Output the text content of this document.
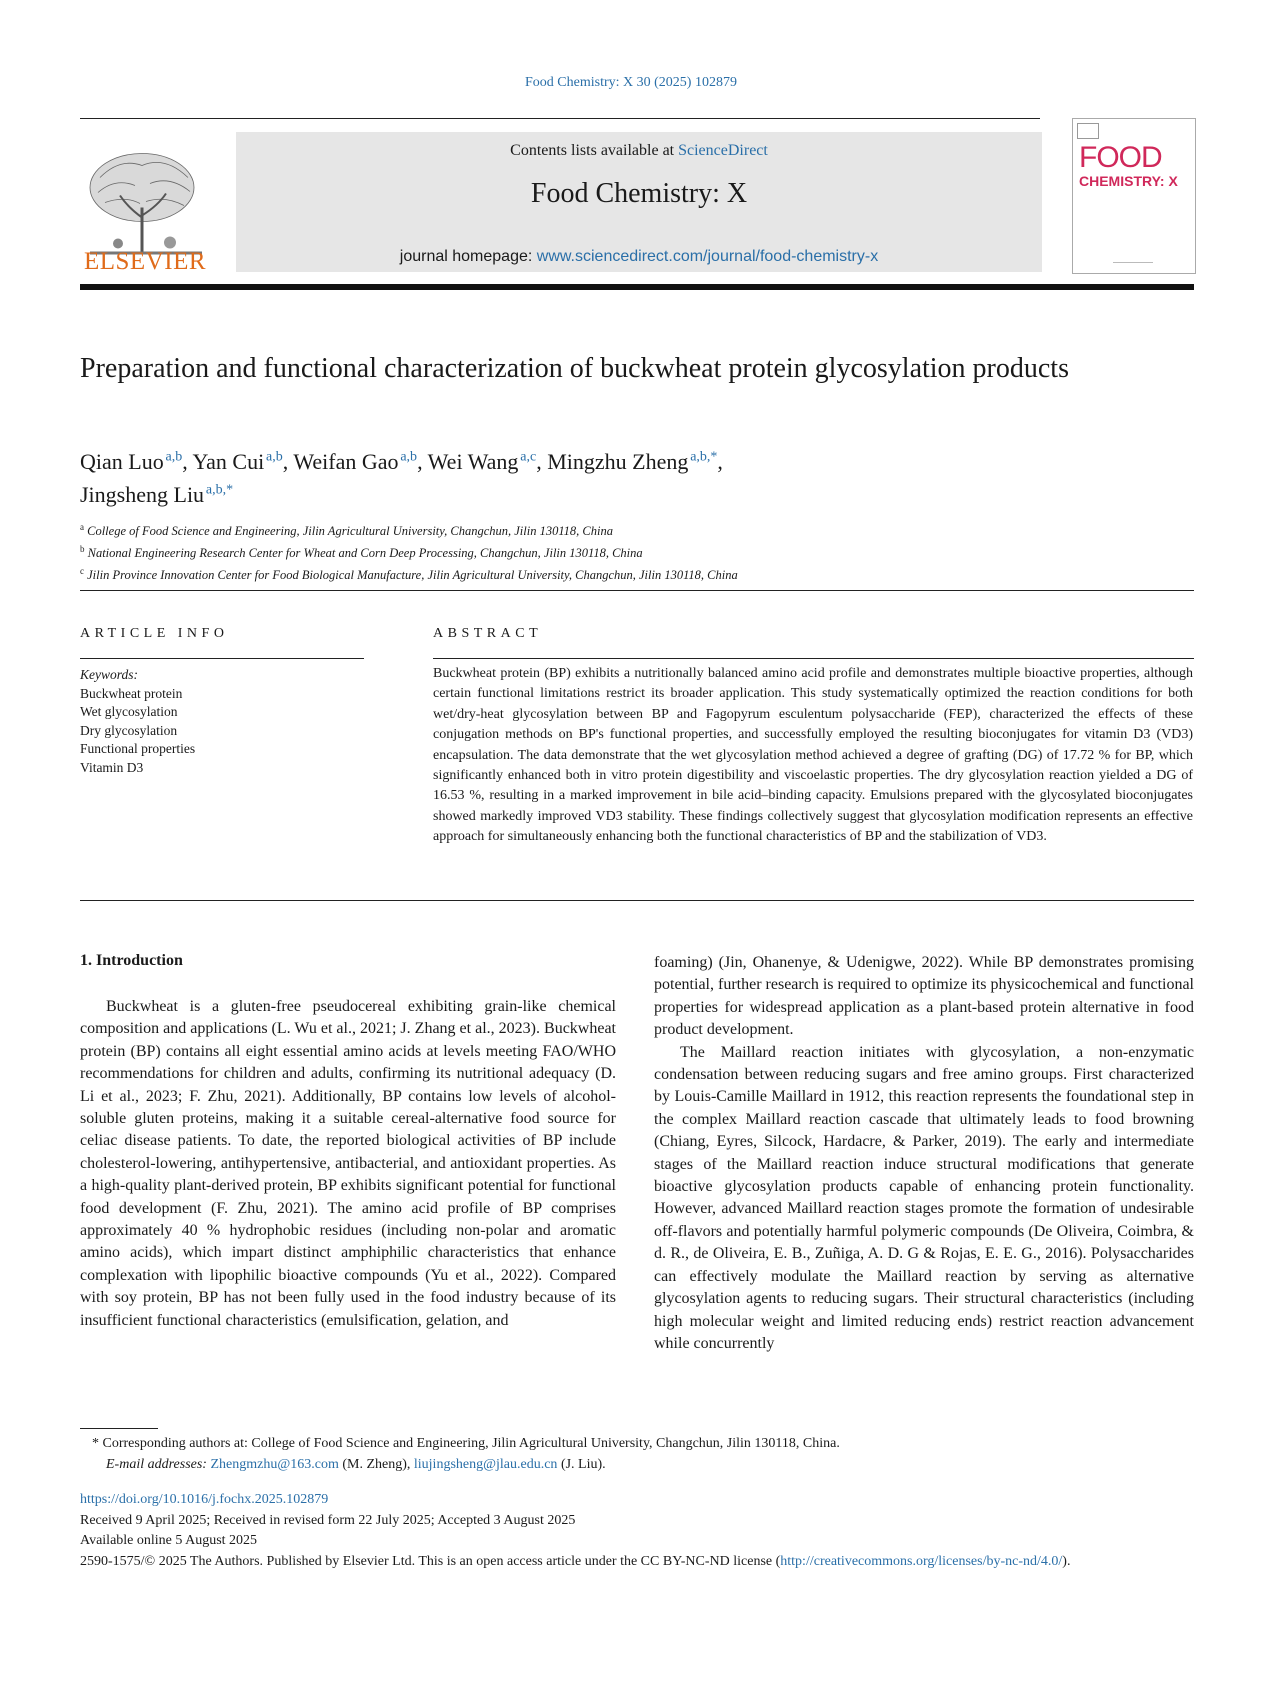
Food Chemistry: X 30 (2025) 102879
ELSEVIER
Contents lists available at ScienceDirect
Food Chemistry: X
journal homepage: www.sciencedirect.com/journal/food-chemistry-x
FOOD
CHEMISTRY: X
Preparation and functional characterization of buckwheat protein glycosylation products
Qian Luo  $^{a,b}$, Yan Cui  $^{a,b}$, Weifan Gao  $^{a,b}$, Wei Wang  $^{a,c}$, Mingzhu Zheng  $^{a,b,*}$,
Jingsheng Liu  $^{a,b,*}$
$^a$ College of Food Science and Engineering, Jilin Agricultural University, Changchun, Jilin 130118, China
$^b$ National Engineering Research Center for Wheat and Corn Deep Processing, Changchun, Jilin 130118, China
$^c$ Jilin Province Innovation Center for Food Biological Manufacture, Jilin Agricultural University, Changchun, Jilin 130118, China
ARTICLE INFO
Keywords:
Buckwheat protein
Wet glycosylation
Dry glycosylation
Functional properties
Vitamin D3
ABSTRACT
Buckwheat protein (BP) exhibits a nutritionally balanced amino acid profile and demonstrates multiple bioactive properties, although certain functional limitations restrict its broader application. This study systematically optimized the reaction conditions for both wet/dry-heat glycosylation between BP and Fagopyrum esculentum polysaccharide (FEP), characterized the effects of these conjugation methods on BP's functional properties, and successfully employed the resulting bioconjugates for vitamin D3 (VD3) encapsulation. The data demonstrate that the wet glycosylation method achieved a degree of grafting (DG) of 17.72 % for BP, which significantly enhanced both in vitro protein digestibility and viscoelastic properties. The dry glycosylation reaction yielded a DG of 16.53 %, resulting in a marked improvement in bile acid–binding capacity. Emulsions prepared with the glycosylated bioconjugates showed markedly improved VD3 stability. These findings collectively suggest that glycosylation modification represents an effective approach for simultaneously enhancing both the functional characteristics of BP and the stabilization of VD3.
1. Introduction

Buckwheat is a gluten-free pseudocereal exhibiting grain-like chemical composition and applications (L. Wu et al., 2021; J. Zhang et al., 2023). Buckwheat protein (BP) contains all eight essential amino acids at levels meeting FAO/WHO recommendations for children and adults, confirming its nutritional adequacy (D. Li et al., 2023; F. Zhu, 2021). Additionally, BP contains low levels of alcohol-soluble gluten proteins, making it a suitable cereal-alternative food source for celiac disease patients. To date, the reported biological activities of BP include cholesterol-lowering, antihypertensive, antibacterial, and antioxidant properties. As a high-quality plant-derived protein, BP exhibits significant potential for functional food development (F. Zhu, 2021). The amino acid profile of BP comprises approximately 40 % hydrophobic residues (including non-polar and aromatic amino acids), which impart distinct amphiphilic characteristics that enhance complexation with lipophilic bioactive compounds (Yu et al., 2022). Compared with soy protein, BP has not been fully used in the food industry because of its insufficient functional characteristics (emulsification, gelation, and

foaming) (Jin, Ohanenye, & Udenigwe, 2022). While BP demonstrates promising potential, further research is required to optimize its physicochemical and functional properties for widespread application as a plant-based protein alternative in food product development.

The Maillard reaction initiates with glycosylation, a non-enzymatic condensation between reducing sugars and free amino groups. First characterized by Louis-Camille Maillard in 1912, this reaction represents the foundational step in the complex Maillard reaction cascade that ultimately leads to food browning (Chiang, Eyres, Silcock, Hardacre, & Parker, 2019). The early and intermediate stages of the Maillard reaction induce structural modifications that generate bioactive glycosylation products capable of enhancing protein functionality. However, advanced Maillard reaction stages promote the formation of undesirable off-flavors and potentially harmful polymeric compounds (De Oliveira, Coimbra, & d. R., de Oliveira, E. B., Zuñiga, A. D. G & Rojas, E. E. G., 2016). Polysaccharides can effectively modulate the Maillard reaction by serving as alternative glycosylation agents to reducing sugars. Their structural characteristics (including high molecular weight and limited reducing ends) restrict reaction advancement while concurrently

* Corresponding authors at: College of Food Science and Engineering, Jilin Agricultural University, Changchun, Jilin 130118, China.
E-mail addresses: Zhengmzhu@163.com (M. Zheng), liujingsheng@jlau.edu.cn (J. Liu).
https://doi.org/10.1016/j.fochx.2025.102879
Received 9 April 2025; Received in revised form 22 July 2025; Accepted 3 August 2025
Available online 5 August 2025
2590-1575/© 2025 The Authors. Published by Elsevier Ltd. This is an open access article under the CC BY-NC-ND license (http://creativecommons.org/licenses/by-nc-nd/4.0/).
